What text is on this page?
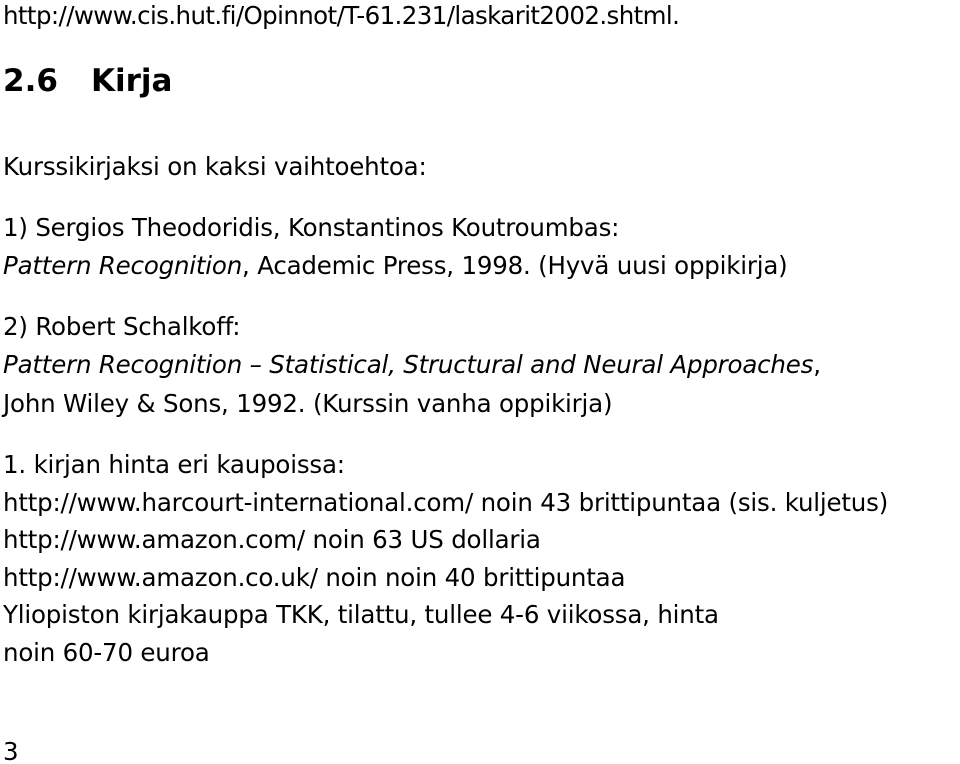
http://www.cis.hut.fi/Opinnot/T-61.231/laskarit2002.shtml.
2.6 Kirja
Kurssikirjaksi on kaksi vaihtoehtoa:
1) Sergios Theodoridis, Konstantinos Koutroumbas:
Pattern Recognition, Academic Press, 1998. (Hyvä uusi oppikirja)
2) Robert Schalkoff:
Pattern Recognition – Statistical, Structural and Neural Approaches,
John Wiley & Sons, 1992. (Kurssin vanha oppikirja)
1. kirjan hinta eri kaupoissa:
http://www.harcourt-international.com/ noin 43 brittipuntaa (sis. kuljetus)
http://www.amazon.com/ noin 63 US dollaria
http://www.amazon.co.uk/ noin noin 40 brittipuntaa
Yliopiston kirjakauppa TKK, tilattu, tullee 4-6 viikossa, hinta
noin 60-70 euroa
3
